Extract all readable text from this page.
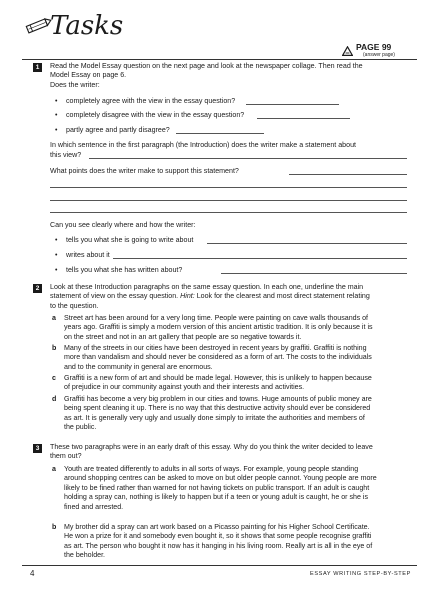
Tasks
PAGE 99
(answer page)
1	Read the Model Essay question on the next page and look at the newspaper collage. Then read the
Model Essay on page 6.
Does the writer:
• completely agree with the view in the essay question?
• completely disagree with the view in the essay question?
• partly agree and partly disagree?
In which sentence in the first paragraph (the Introduction) does the writer make a statement about
this view?
What points does the writer make to support this statement?
Can you see clearly where and how the writer:
• tells you what she is going to write about
• writes about it
• tells you what she has written about?
2	Look at these Introduction paragraphs on the same essay question. In each one, underline the main
statement of view on the essay question. Hint: Look for the clearest and most direct statement relating
to the question.
a Street art has been around for a very long time. People were painting on cave walls thousands of
years ago. Graffiti is simply a modern version of this ancient artistic tradition. It is only because it is
on the street and not in an art gallery that people are so negative towards it.
b Many of the streets in our cities have been destroyed in recent years by graffiti. Graffiti is nothing
more than vandalism and should never be considered as a form of art. The costs to the individuals
and to the community in general are enormous.
c Graffiti is a new form of art and should be made legal. However, this is unlikely to happen because
of prejudice in our community against youth and their interests and activities.
d Graffiti has become a very big problem in our cities and towns. Huge amounts of public money are
being spent cleaning it up. There is no way that this destructive activity should ever be considered
as art. It is generally very ugly and usually done simply to irritate the authorities and members of
the public.
3	These two paragraphs were in an early draft of this essay. Why do you think the writer decided to leave
them out?
a Youth are treated differently to adults in all sorts of ways. For example, young people standing
around shopping centres can be asked to move on but older people cannot. Young people are more
likely to be fined rather than warned for not having tickets on public transport. If an adult is caught
holding a spray can, nothing is likely to happen but if a teen or young adult is caught, he or she is
fined and arrested.
b My brother did a spray can art work based on a Picasso painting for his Higher School Certificate.
He won a prize for it and somebody even bought it, so it shows that some people recognise graffiti
as art. The person who bought it now has it hanging in his living room. Really art is all in the eye of
the beholder.
4	ESSAY WRITING STEP-BY-STEP
